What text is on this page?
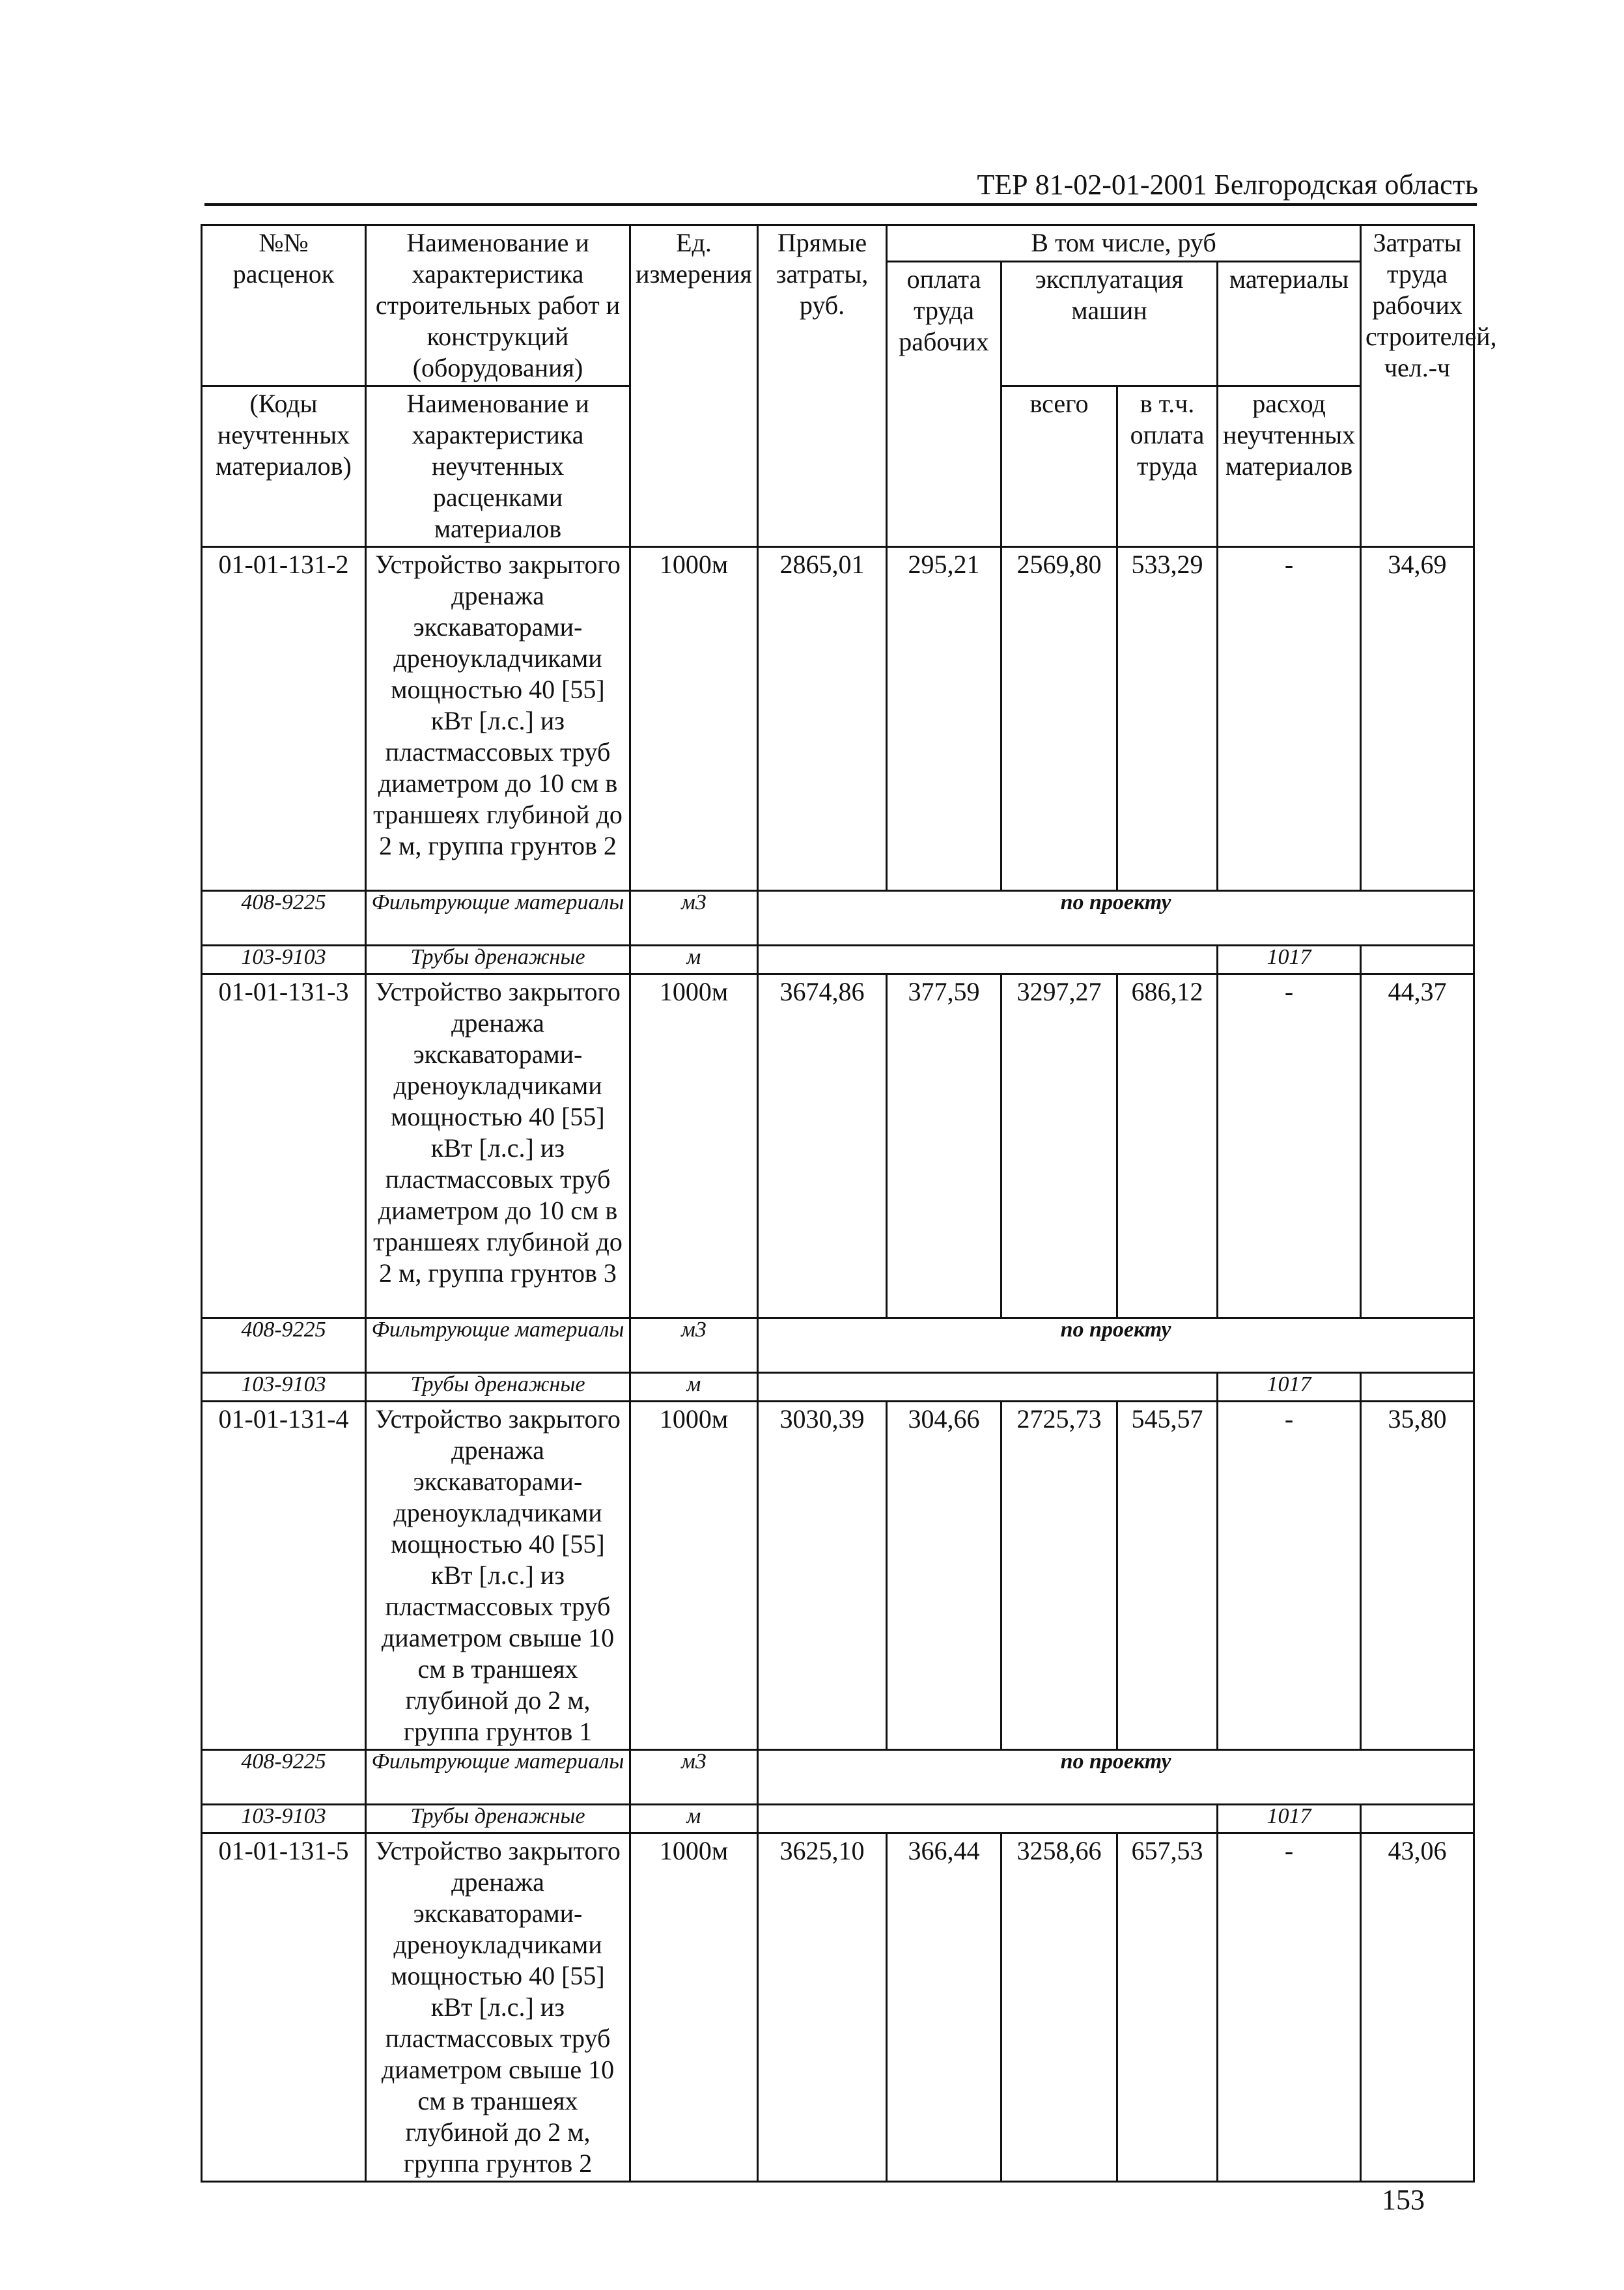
ТЕР 81-02-01-2001 Белгородская область
№№ расценок	Наименование и характеристика строительных работ и конструкций (оборудования)	Ед. измерения	Прямые затраты, руб.	В том числе, руб				Затраты труда рабочих строителей, чел.-ч
				оплата труда рабочих	эксплуатация машин		материалы	
(Коды неучтенных материалов)	Наименование и характеристика неучтенных расценками материалов				всего	в т.ч. оплата труда	расход неучтенных материалов	
01-01-131-2	Устройство закрытого дренажа экскаваторами-дреноукладчиками мощностью 40 [55] кВт [л.с.] из пластмассовых труб диаметром до 10 см в траншеях глубиной до 2 м, группа грунтов 2	1000м	2865,01	295,21	2569,80	533,29	-	34,69
408-9225	Фильтрующие материалы	м3	по проекту					
103-9103	Трубы дренажные	м					1017	
01-01-131-3	Устройство закрытого дренажа экскаваторами-дреноукладчиками мощностью 40 [55] кВт [л.с.] из пластмассовых труб диаметром до 10 см в траншеях глубиной до 2 м, группа грунтов 3	1000м	3674,86	377,59	3297,27	686,12	-	44,37
408-9225	Фильтрующие материалы	м3	по проекту					
103-9103	Трубы дренажные	м					1017	
01-01-131-4	Устройство закрытого дренажа экскаваторами-дреноукладчиками мощностью 40 [55] кВт [л.с.] из пластмассовых труб диаметром свыше 10 см в траншеях глубиной до 2 м, группа грунтов 1	1000м	3030,39	304,66	2725,73	545,57	-	35,80
408-9225	Фильтрующие материалы	м3	по проекту					
103-9103	Трубы дренажные	м					1017	
01-01-131-5	Устройство закрытого дренажа экскаваторами-дреноукладчиками мощностью 40 [55] кВт [л.с.] из пластмассовых труб диаметром свыше 10 см в траншеях глубиной до 2 м, группа грунтов 2	1000м	3625,10	366,44	3258,66	657,53	-	43,06
153
